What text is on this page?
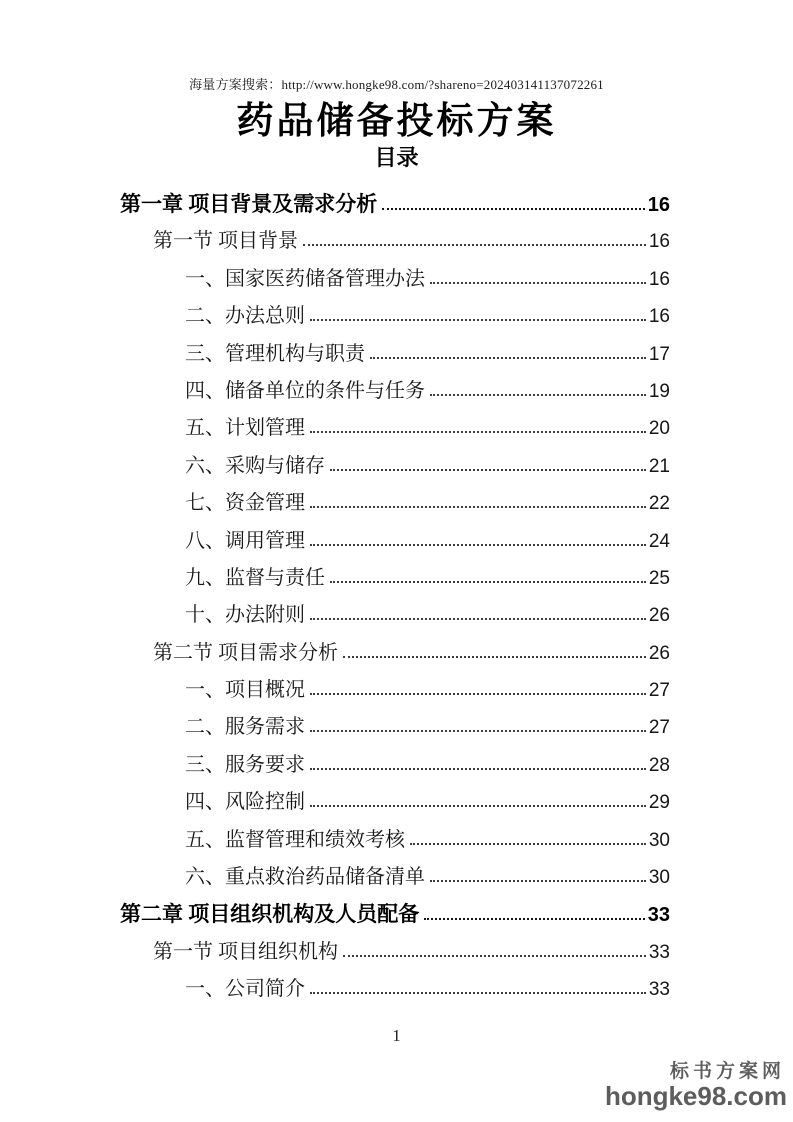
海量方案搜索：http://www.hongke98.com/?shareno=202403141137072261
药品储备投标方案
目录
第一章 项目背景及需求分析	16
第一节 项目背景	16
一、国家医药储备管理办法	16
二、办法总则	16
三、管理机构与职责	17
四、储备单位的条件与任务	19
五、计划管理	20
六、采购与储存	21
七、资金管理	22
八、调用管理	24
九、监督与责任	25
十、办法附则	26
第二节 项目需求分析	26
一、项目概况	27
二、服务需求	27
三、服务要求	28
四、风险控制	29
五、监督管理和绩效考核	30
六、重点救治药品储备清单	30
第二章 项目组织机构及人员配备	33
第一节 项目组织机构	33
一、公司简介	33
1
标书方案网
hongke98.com
